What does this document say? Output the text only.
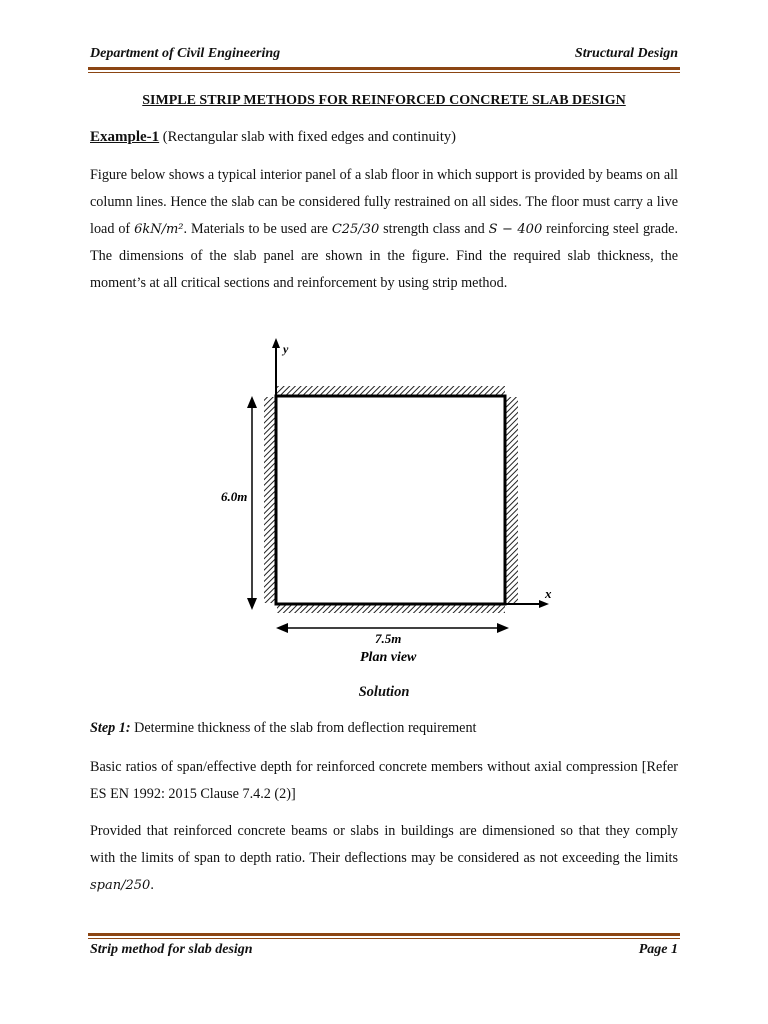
Department of Civil Engineering	Structural Design
SIMPLE STRIP METHODS FOR REINFORCED CONCRETE SLAB DESIGN
Example-1 (Rectangular slab with fixed edges and continuity)
Figure below shows a typical interior panel of a slab floor in which support is provided by beams on all column lines. Hence the slab can be considered fully restrained on all sides. The floor must carry a live load of 6kN/m². Materials to be used are C25/30 strength class and S − 400 reinforcing steel grade. The dimensions of the slab panel are shown in the figure. Find the required slab thickness, the moment’s at all critical sections and reinforcement by using strip method.
y
x
6.0m
7.5m
Plan view
Solution
Step 1: Determine thickness of the slab from deflection requirement
Basic ratios of span/effective depth for reinforced concrete members without axial compression [Refer ES EN 1992: 2015 Clause 7.4.2 (2)]
Provided that reinforced concrete beams or slabs in buildings are dimensioned so that they comply with the limits of span to depth ratio. Their deflections may be considered as not exceeding the limits span/250.
Strip method for slab design	Page 1
